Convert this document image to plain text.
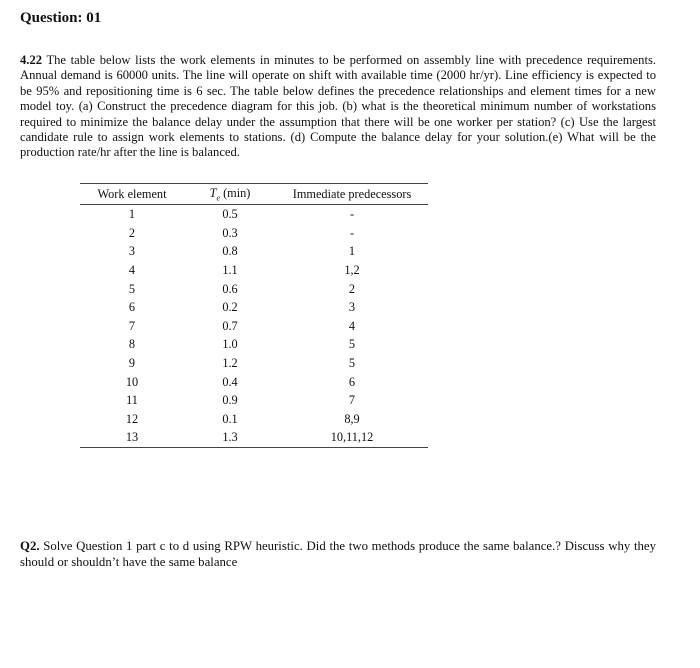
Question: 01
4.22 The table below lists the work elements in minutes to be performed on assembly line with precedence requirements. Annual demand is 60000 units. The line will operate on shift with available time (2000 hr/yr). Line efficiency is expected to be 95% and repositioning time is 6 sec. The table below defines the precedence relationships and element times for a new model toy. (a) Construct the precedence diagram for this job. (b) what is the theoretical minimum number of workstations required to minimize the balance delay under the assumption that there will be one worker per station? (c) Use the largest candidate rule to assign work elements to stations. (d) Compute the balance delay for your solution.(e) What will be the production rate/hr after the line is balanced.
Work element	$T_e$ (min)	Immediate predecessors
1	0.5	-
2	0.3	-
3	0.8	1
4	1.1	1,2
5	0.6	2
6	0.2	3
7	0.7	4
8	1.0	5
9	1.2	5
10	0.4	6
11	0.9	7
12	0.1	8,9
13	1.3	10,11,12
Q2. Solve Question 1 part c to d using RPW heuristic. Did the two methods produce the same balance.? Discuss why they should or shouldn’t have the same balance
